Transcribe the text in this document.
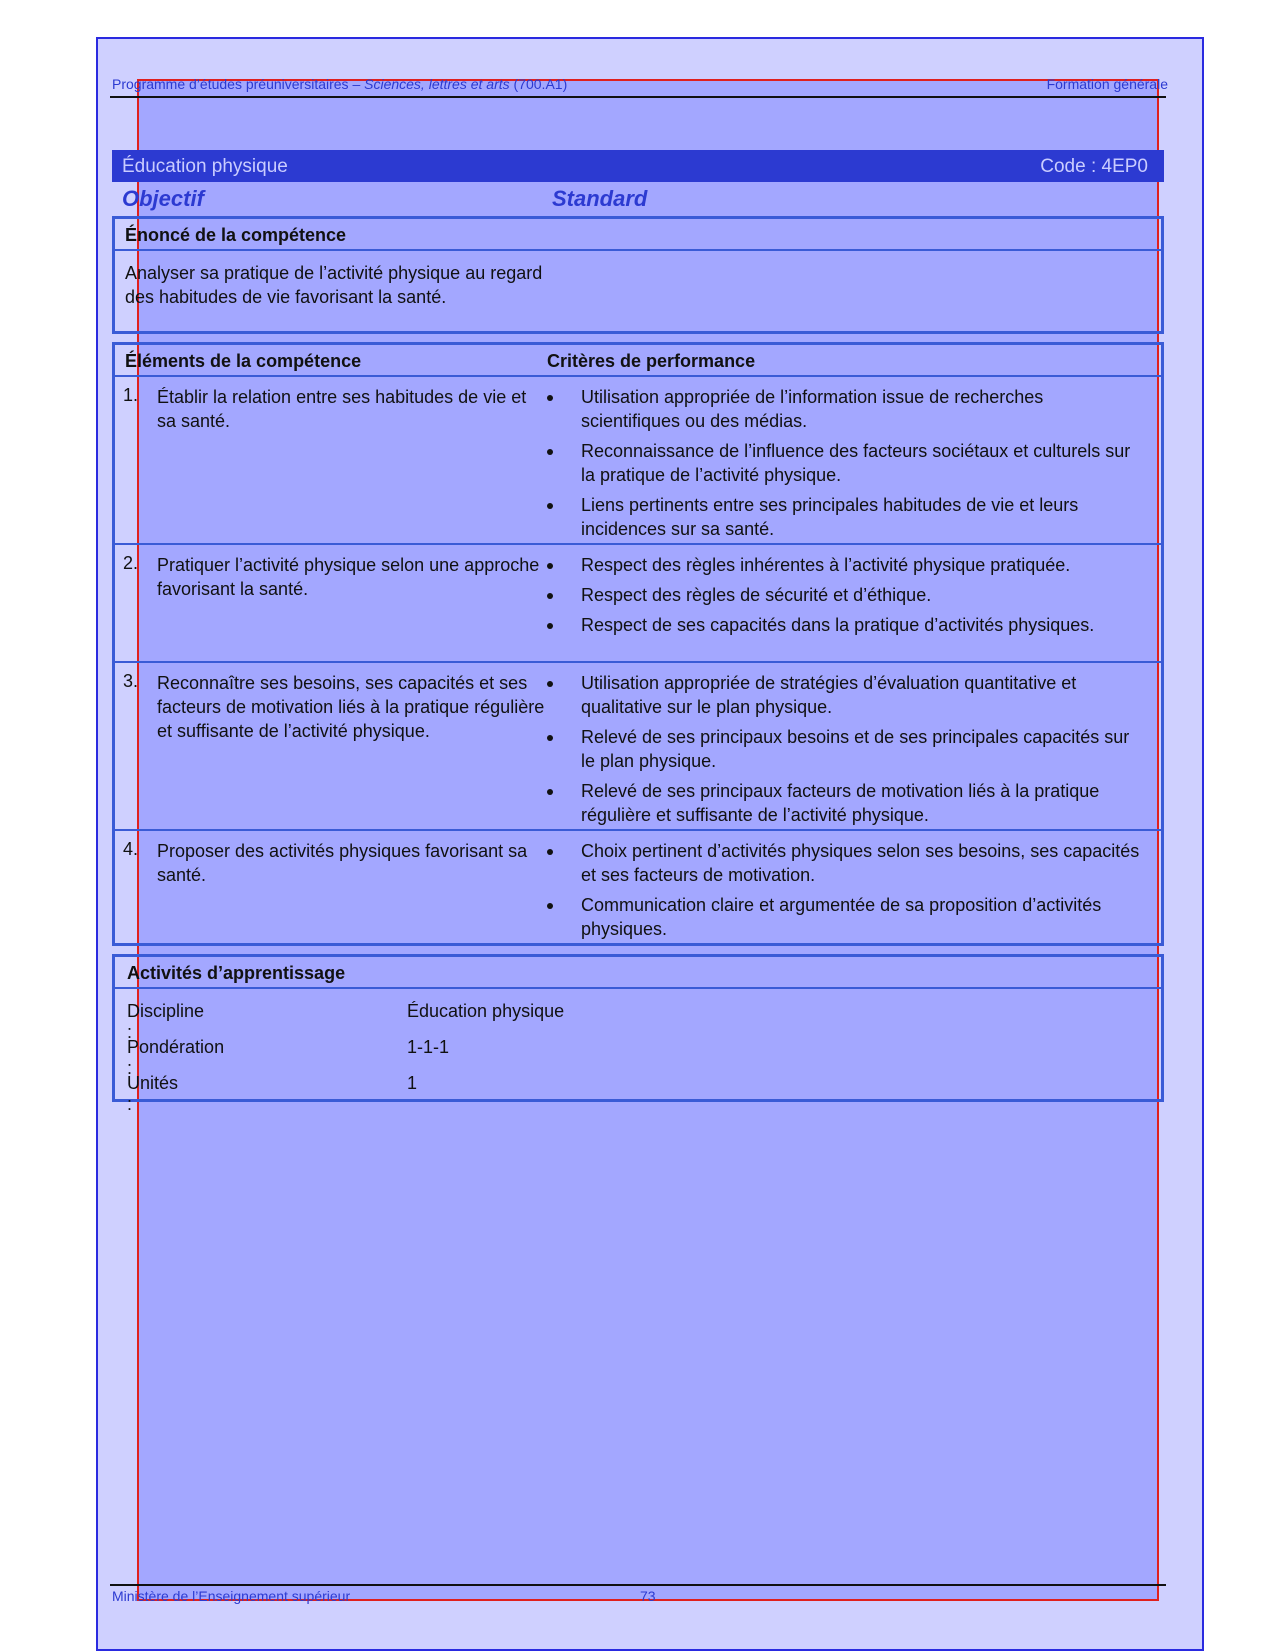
Programme d’études préuniversitaires – Sciences, lettres et arts (700.A1)	Formation générale
Éducation physique	Code : 4EP0
Objectif	Standard
Énoncé de la compétence
Analyser sa pratique de l’activité physique au regard des habitudes de vie favorisant la santé.
Éléments de la compétence	Critères de performance
1. Établir la relation entre ses habitudes de vie et sa santé.
Utilisation appropriée de l’information issue de recherches scientifiques ou des médias.
Reconnaissance de l’influence des facteurs sociétaux et culturels sur la pratique de l’activité physique.
Liens pertinents entre ses principales habitudes de vie et leurs incidences sur sa santé.
2. Pratiquer l’activité physique selon une approche favorisant la santé.
Respect des règles inhérentes à l’activité physique pratiquée.
Respect des règles de sécurité et d’éthique.
Respect de ses capacités dans la pratique d’activités physiques.
3. Reconnaître ses besoins, ses capacités et ses facteurs de motivation liés à la pratique régulière et suffisante de l’activité physique.
Utilisation appropriée de stratégies d’évaluation quantitative et qualitative sur le plan physique.
Relevé de ses principaux besoins et de ses principales capacités sur le plan physique.
Relevé de ses principaux facteurs de motivation liés à la pratique régulière et suffisante de l’activité physique.
4. Proposer des activités physiques favorisant sa santé.
Choix pertinent d’activités physiques selon ses besoins, ses capacités et ses facteurs de motivation.
Communication claire et argumentée de sa proposition d’activités physiques.
Activités d’apprentissage
Discipline :
Éducation physique
Pondération :
1-1-1
Unités :
1
Ministère de l’Enseignement supérieur	73
